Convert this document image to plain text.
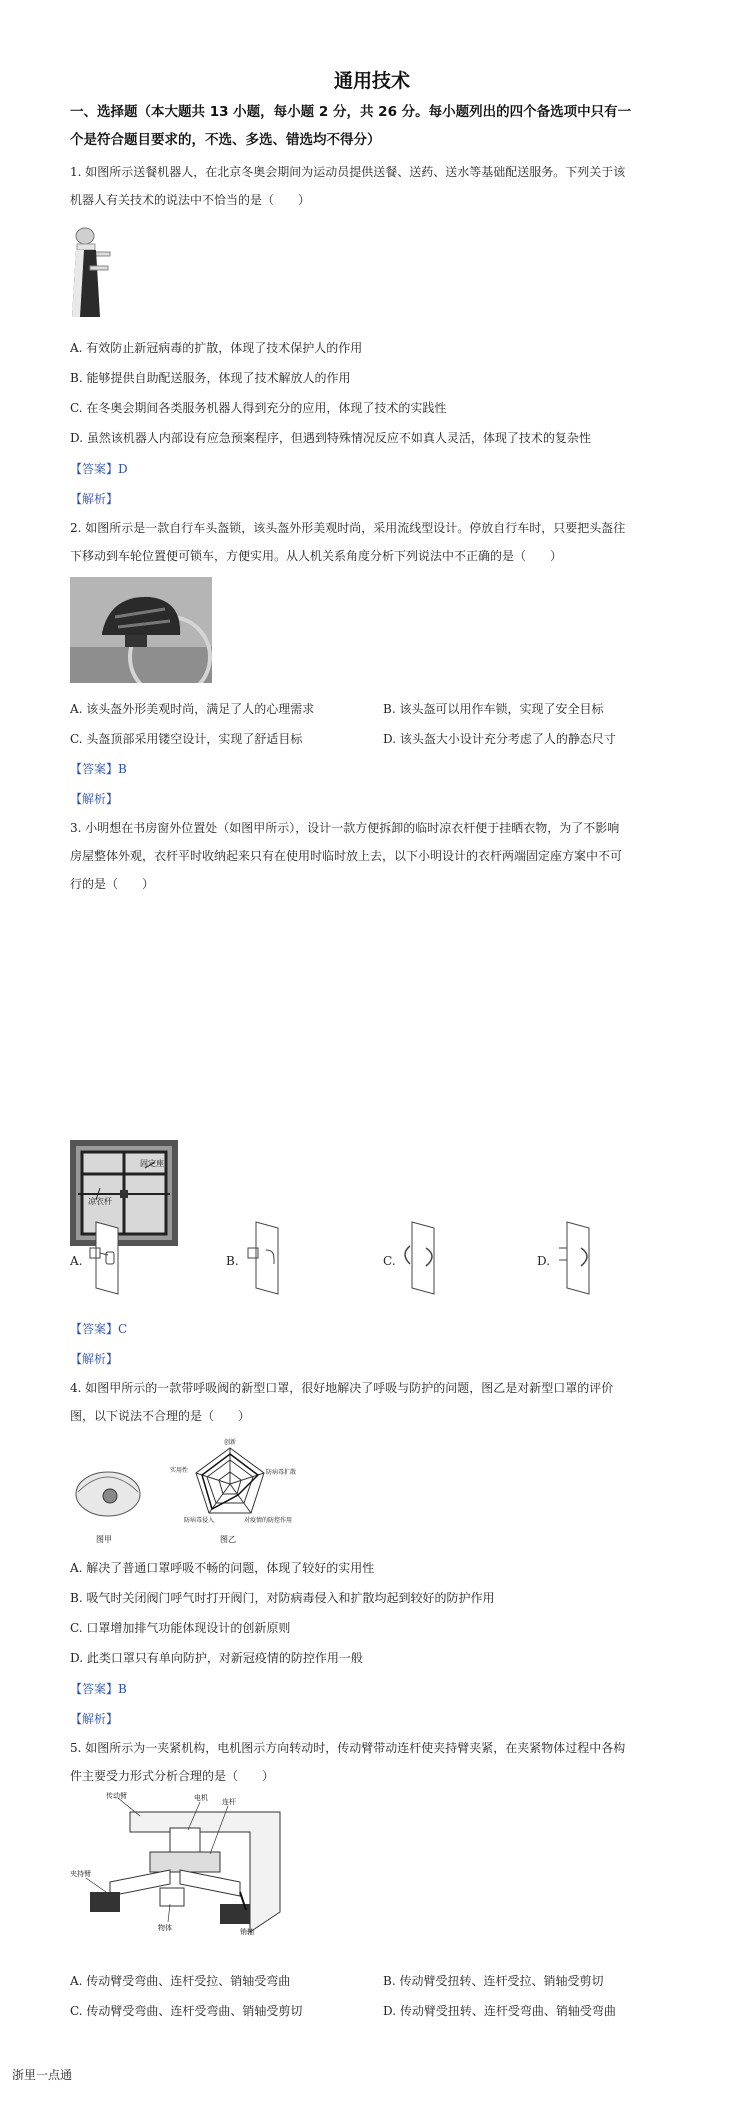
通用技术
一、选择题（本大题共 13 小题，每小题 2 分，共 26 分。每小题列出的四个备选项中只有一
个是符合题目要求的，不选、多选、错选均不得分）
1. 如图所示送餐机器人，在北京冬奥会期间为运动员提供送餐、送药、送水等基础配送服务。下列关于该
机器人有关技术的说法中不恰当的是（　　）
A. 有效防止新冠病毒的扩散，体现了技术保护人的作用
B. 能够提供自助配送服务，体现了技术解放人的作用
C. 在冬奥会期间各类服务机器人得到充分的应用，体现了技术的实践性
D. 虽然该机器人内部设有应急预案程序，但遇到特殊情况反应不如真人灵活，体现了技术的复杂性
【答案】D
【解析】
2. 如图所示是一款自行车头盔锁，该头盔外形美观时尚，采用流线型设计。停放自行车时，只要把头盔往
下移动到车轮位置便可锁车，方便实用。从人机关系角度分析下列说法中不正确的是（　　）
A. 该头盔外形美观时尚，满足了人的心理需求	B. 该头盔可以用作车锁，实现了安全目标
C. 头盔顶部采用镂空设计，实现了舒适目标	D. 该头盔大小设计充分考虑了人的静态尺寸
【答案】B
【解析】
3. 小明想在书房窗外位置处（如图甲所示），设计一款方便拆卸的临时凉衣杆便于挂晒衣物，为了不影响
房屋整体外观，衣杆平时收纳起来只有在使用时临时放上去，以下小明设计的衣杆两端固定座方案中不可
行的是（　　）
固定座
凉衣杆
A.	B.	C.	D.
【答案】C
【解析】
4. 如图甲所示的一款带呼吸阀的新型口罩，很好地解决了呼吸与防护的问题，图乙是对新型口罩的评价
图，以下说法不合理的是（　　）
图甲
创新
防病毒扩散
对疫情的防控作用
防病毒侵入
实用性
图乙
A. 解决了普通口罩呼吸不畅的问题，体现了较好的实用性
B. 吸气时关闭阀门呼气时打开阀门，对防病毒侵入和扩散均起到较好的防护作用
C. 口罩增加排气功能体现设计的创新原则
D. 此类口罩只有单向防护，对新冠疫情的防控作用一般
【答案】B
【解析】
5. 如图所示为一夹紧机构，电机图示方向转动时，传动臂带动连杆使夹持臂夹紧，在夹紧物体过程中各构
件主要受力形式分析合理的是（　　）
传动臂	电机 连杆
夹持臂
物体	销轴
A. 传动臂受弯曲、连杆受拉、销轴受弯曲	B. 传动臂受扭转、连杆受拉、销轴受剪切
C. 传动臂受弯曲、连杆受弯曲、销轴受剪切	D. 传动臂受扭转、连杆受弯曲、销轴受弯曲
浙里一点通
